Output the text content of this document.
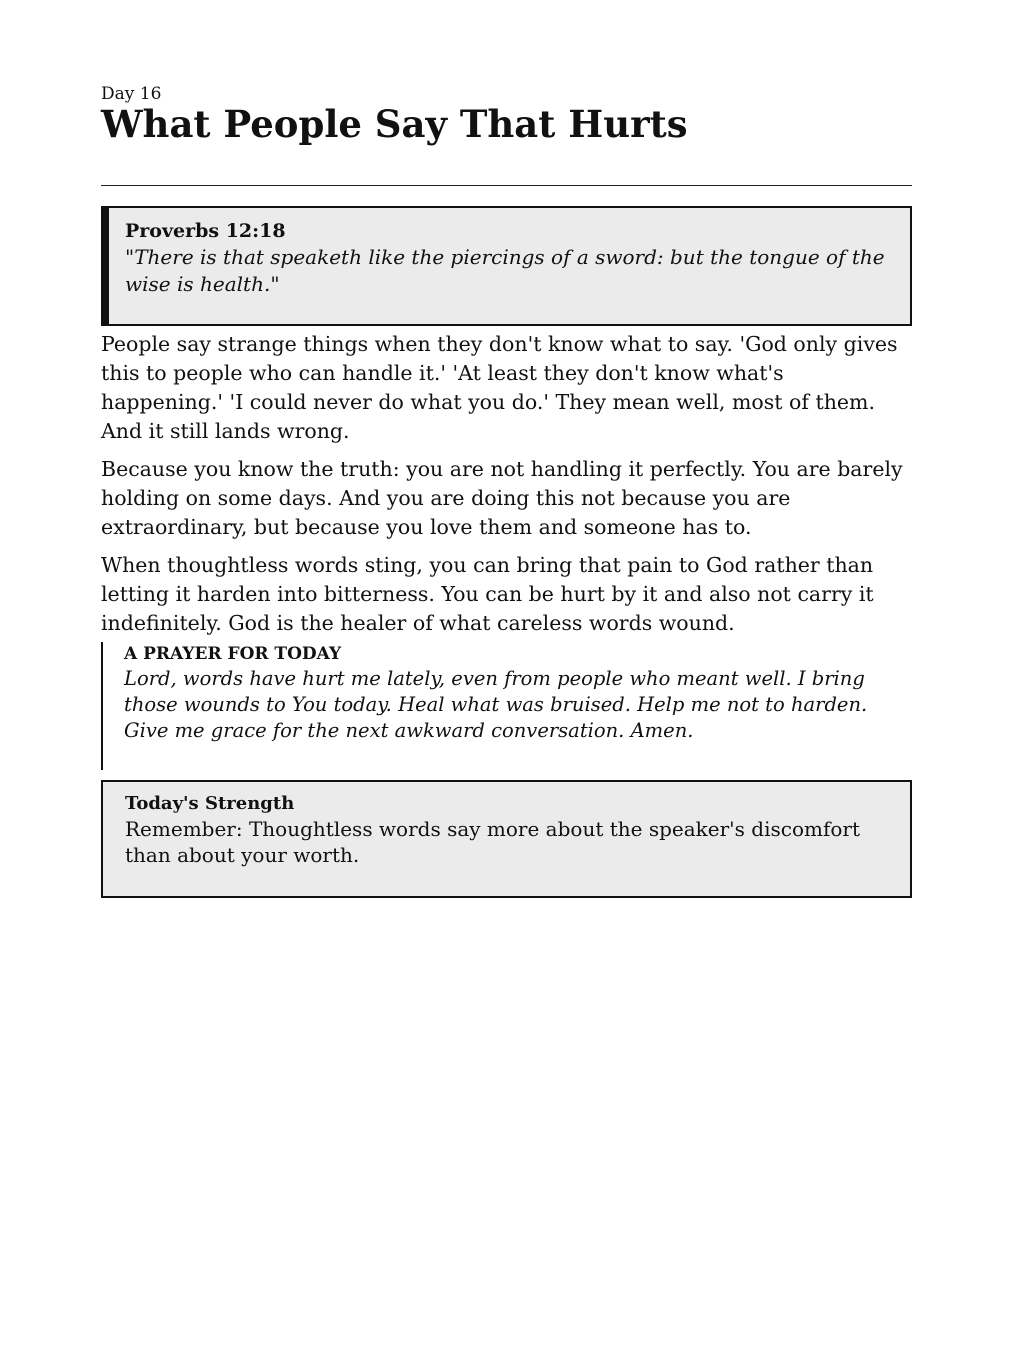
Day 16
What People Say That Hurts
Proverbs 12:18

"There is that speaketh like the piercings of a sword: but the tongue of the wise is health."

People say strange things when they don't know what to say. 'God only gives this to people who can handle it.' 'At least they don't know what's happening.' 'I could never do what you do.' They mean well, most of them. And it still lands wrong.

Because you know the truth: you are not handling it perfectly. You are barely holding on some days. And you are doing this not because you are extraordinary, but because you love them and someone has to.

When thoughtless words sting, you can bring that pain to God rather than letting it harden into bitterness. You can be hurt by it and also not carry it indefinitely. God is the healer of what careless words wound.

A PRAYER FOR TODAY

Lord, words have hurt me lately, even from people who meant well. I bring those wounds to You today. Heal what was bruised. Help me not to harden. Give me grace for the next awkward conversation. Amen.

Today's Strength

Remember: Thoughtless words say more about the speaker's discomfort than about your worth.
